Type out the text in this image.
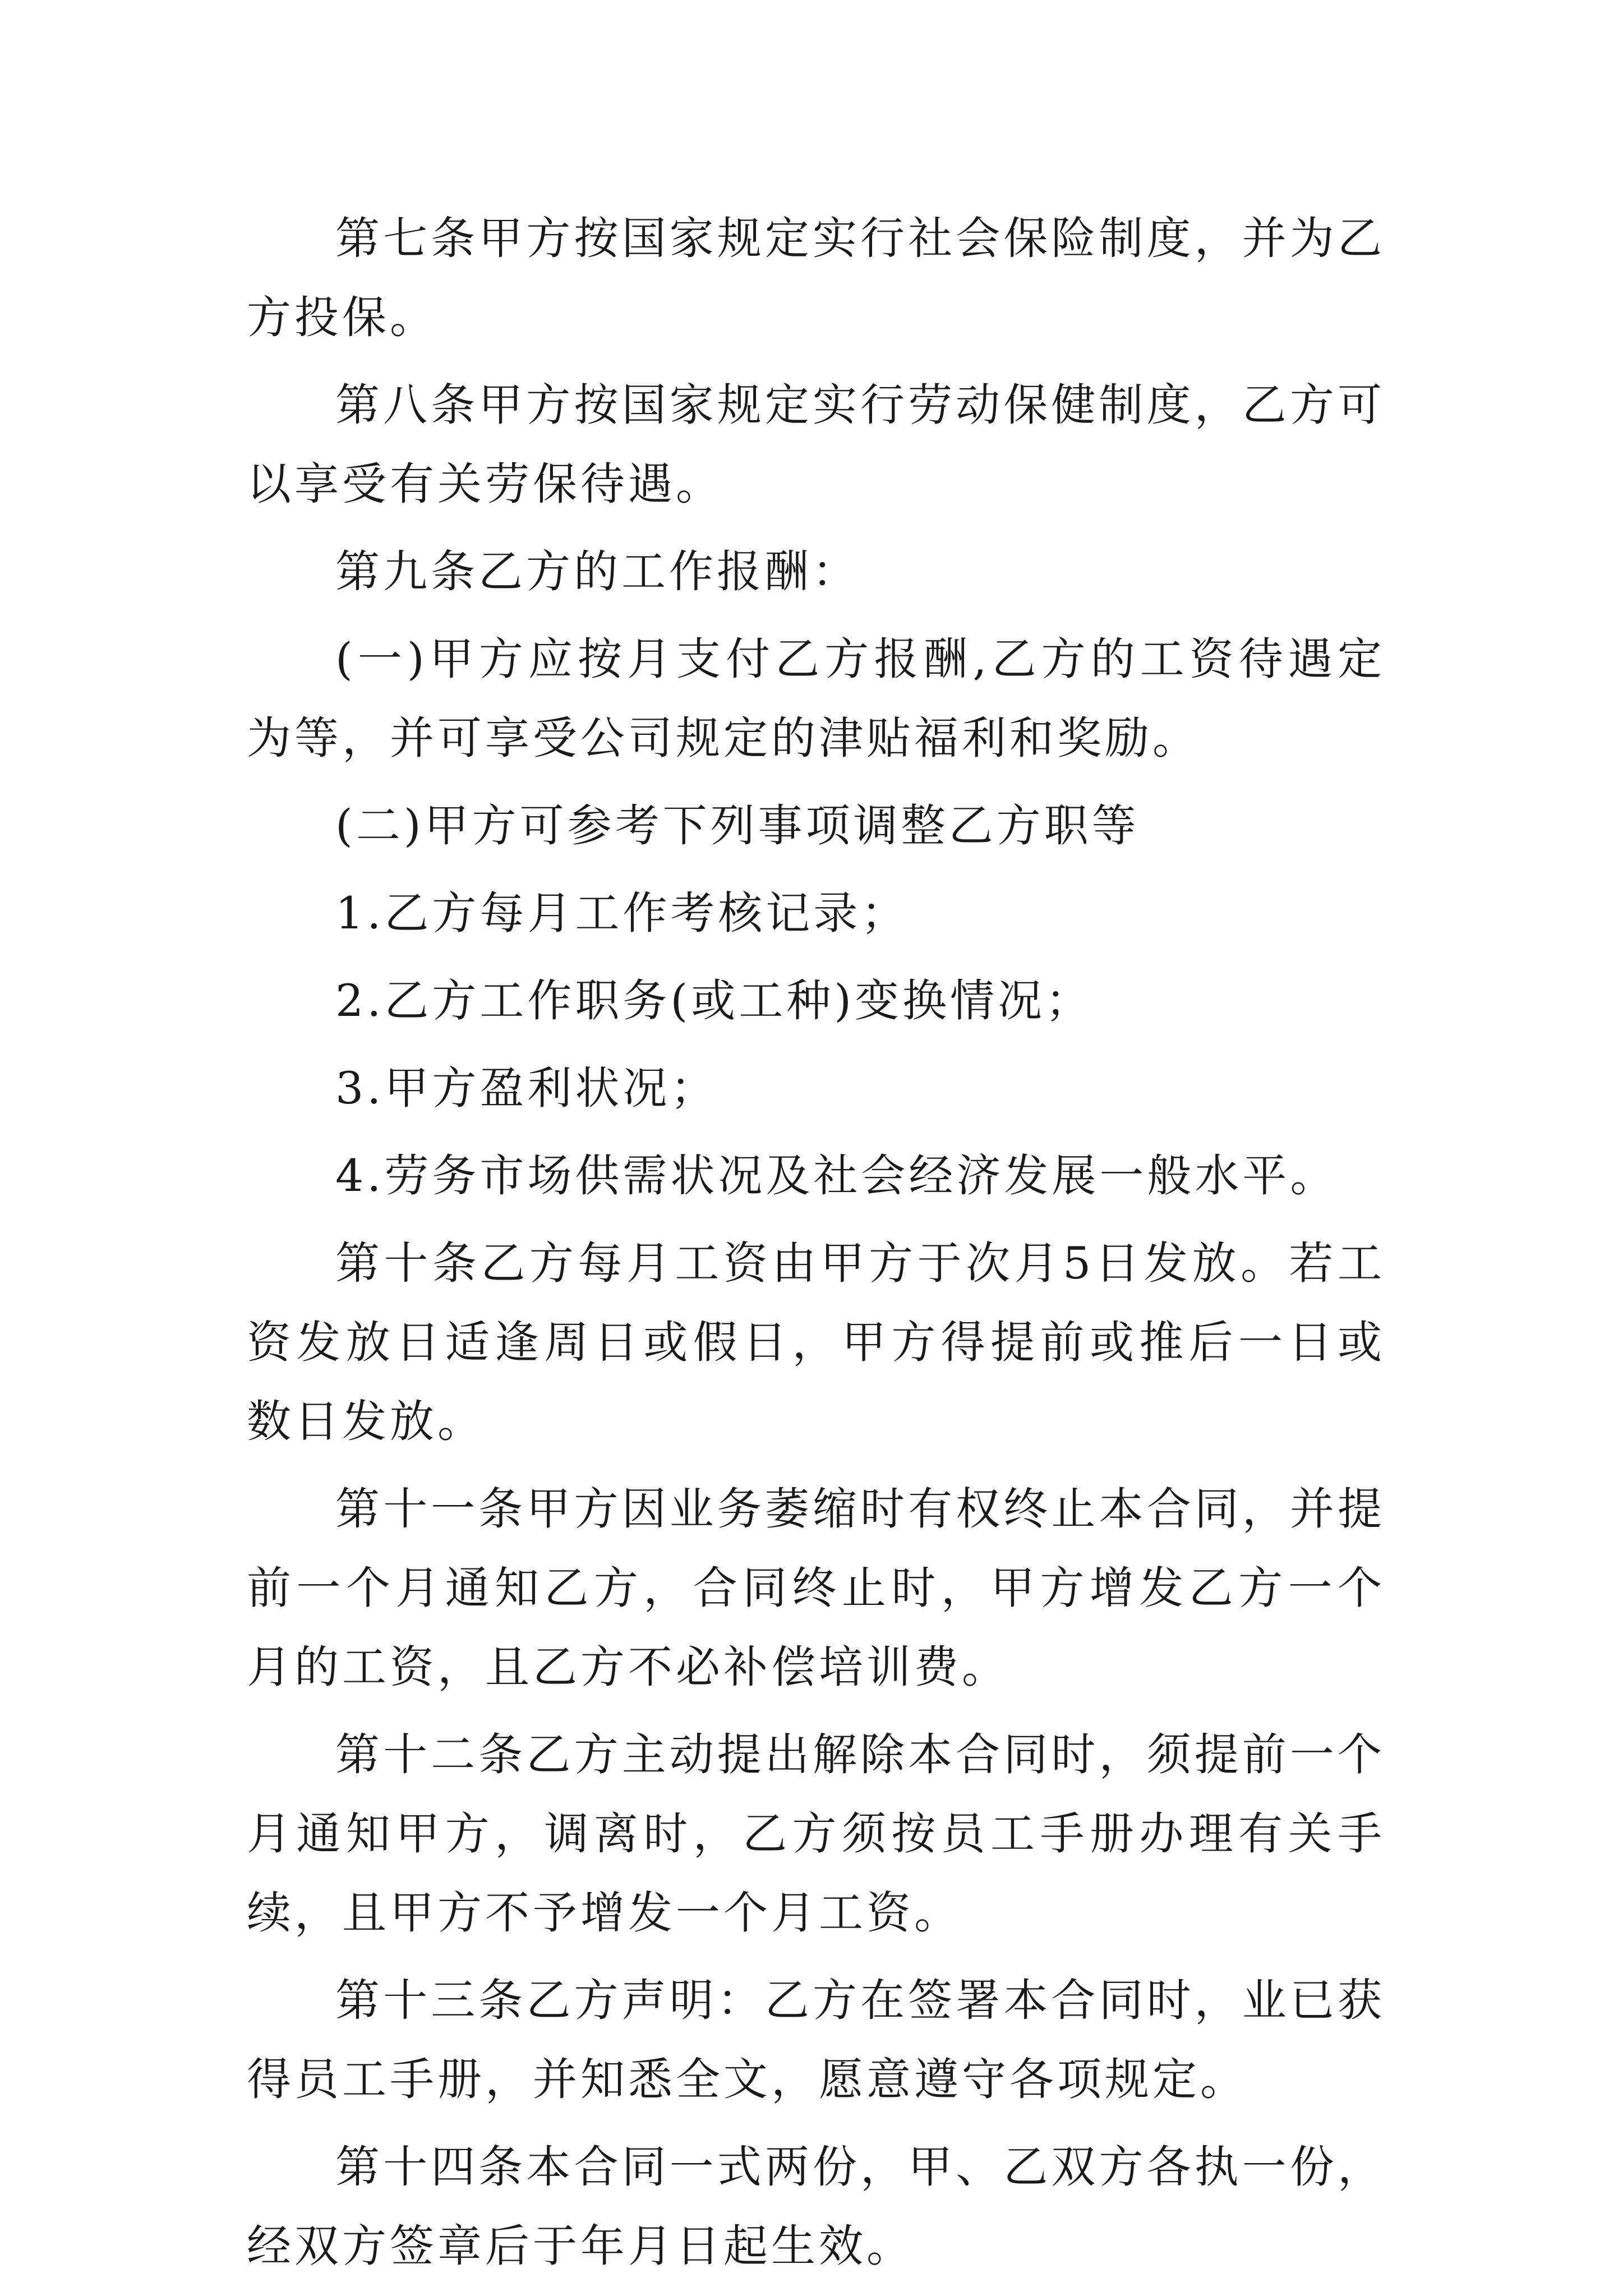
第七条甲方按国家规定实行社会保险制度，并为乙方投保。

第八条甲方按国家规定实行劳动保健制度，乙方可以享受有关劳保待遇。

第九条乙方的工作报酬：

(一)甲方应按月支付乙方报酬,乙方的工资待遇定为等，并可享受公司规定的津贴福利和奖励。

(二)甲方可参考下列事项调整乙方职等

1.乙方每月工作考核记录；

2.乙方工作职务(或工种)变换情况；

3.甲方盈利状况；

4.劳务市场供需状况及社会经济发展一般水平。

第十条乙方每月工资由甲方于次月5日发放。若工资发放日适逢周日或假日，甲方得提前或推后一日或数日发放。

第十一条甲方因业务萎缩时有权终止本合同，并提前一个月通知乙方，合同终止时，甲方增发乙方一个月的工资，且乙方不必补偿培训费。

第十二条乙方主动提出解除本合同时，须提前一个月通知甲方，调离时，乙方须按员工手册办理有关手续，且甲方不予增发一个月工资。

第十三条乙方声明：乙方在签署本合同时，业已获得员工手册，并知悉全文，愿意遵守各项规定。

第十四条本合同一式两份，甲、乙双方各执一份，经双方签章后于年月日起生效。
